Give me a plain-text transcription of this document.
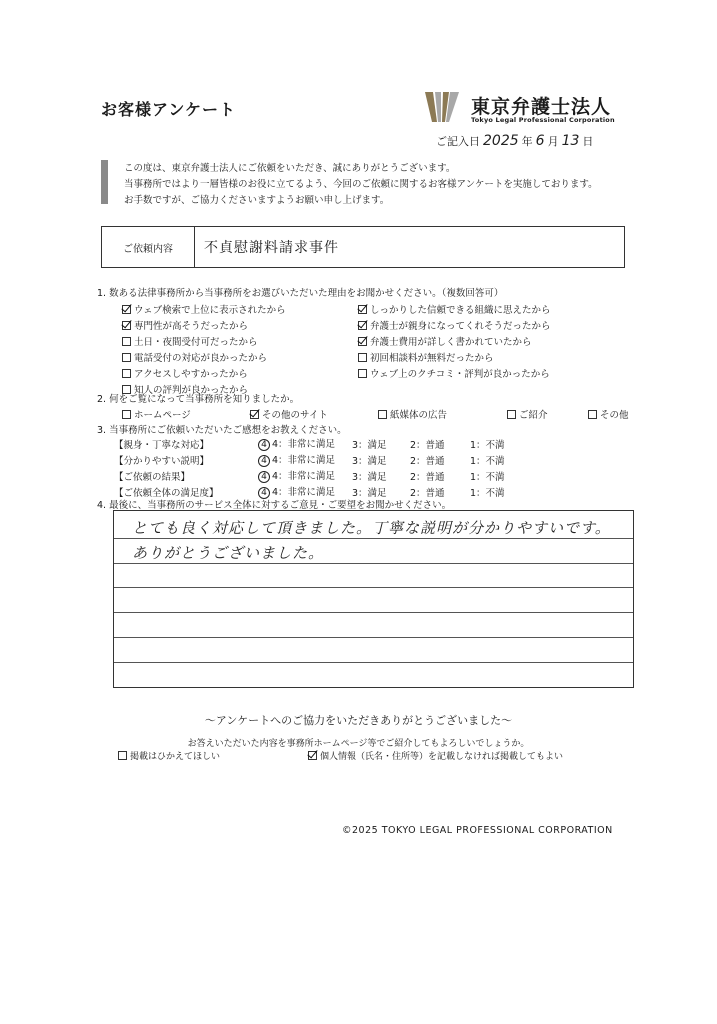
お客様アンケート	東京弁護士法人
Tokyo Legal Professional Corporation
ご記入日 2025 年 6 月 13 日
この度は、東京弁護士法人にご依頼をいただき、誠にありがとうございます。
当事務所ではより一層皆様のお役に立てるよう、今回のご依頼に関するお客様アンケートを実施しております。
お手数ですが、ご協力くださいますようお願い申し上げます。
ご依頼内容	不貞慰謝料請求事件
1. 数ある法律事務所から当事務所をお選びいただいた理由をお聞かせください。（複数回答可）
ウェブ検索で上位に表示されたから
専門性が高そうだったから
土日・夜間受付可だったから
電話受付の対応が良かったから
アクセスしやすかったから
知人の評判が良かったから
しっかりした信頼できる組織に思えたから
弁護士が親身になってくれそうだったから
弁護士費用が詳しく書かれていたから
初回相談料が無料だったから
ウェブ上のクチコミ・評判が良かったから
2. 何をご覧になって当事務所を知りましたか。
ホームページ	その他のサイト	紙媒体の広告	ご紹介	その他
3. 当事務所にご依頼いただいたご感想をお教えください。
【親身・丁寧な対応】	4 4：非常に満足 3：満足 2：普通	1：不満
【分かりやすい説明】	4 4：非常に満足 3：満足 2：普通	1：不満
【ご依頼の結果】	4 4：非常に満足 3：満足 2：普通	1：不満
【ご依頼全体の満足度】	4 4：非常に満足 3：満足 2：普通	1：不満
4. 最後に、当事務所のサービス全体に対するご意見・ご要望をお聞かせください。
とても良く対応して頂きました。丁寧な説明が分かりやすいです。
ありがとうございました。
〜アンケートへのご協力をいただきありがとうございました〜
お答えいただいた内容を事務所ホームページ等でご紹介してもよろしいでしょうか。
掲載はひかえてほしい	個人情報（氏名・住所等）を記載しなければ掲載してもよい
©2025 TOKYO LEGAL PROFESSIONAL CORPORATION
